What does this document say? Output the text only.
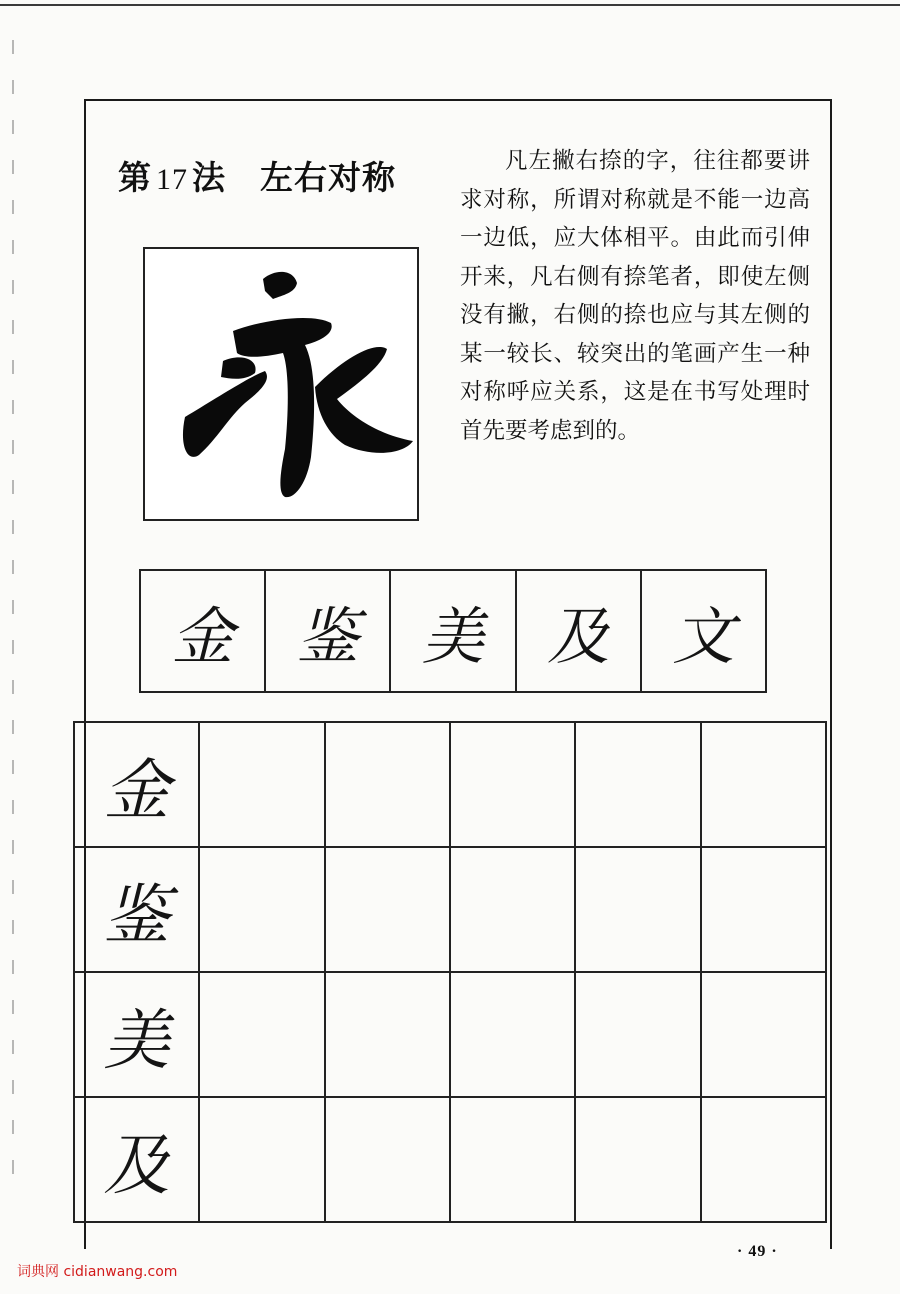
第 17 法 左右对称	凡左撇右捺的字，往往都要讲求对称，所谓对称就是不能一边高一边低，应大体相平。由此而引伸开来，凡右侧有捺笔者，即使左侧没有撇，右侧的捺也应与其左侧的某一较长、较突出的笔画产生一种对称呼应关系，这是在书写处理时首先要考虑到的。

金	鉴	美	及	文
金					
鉴					
美					
及					
· 49 ·
词典网 cidianwang.com
